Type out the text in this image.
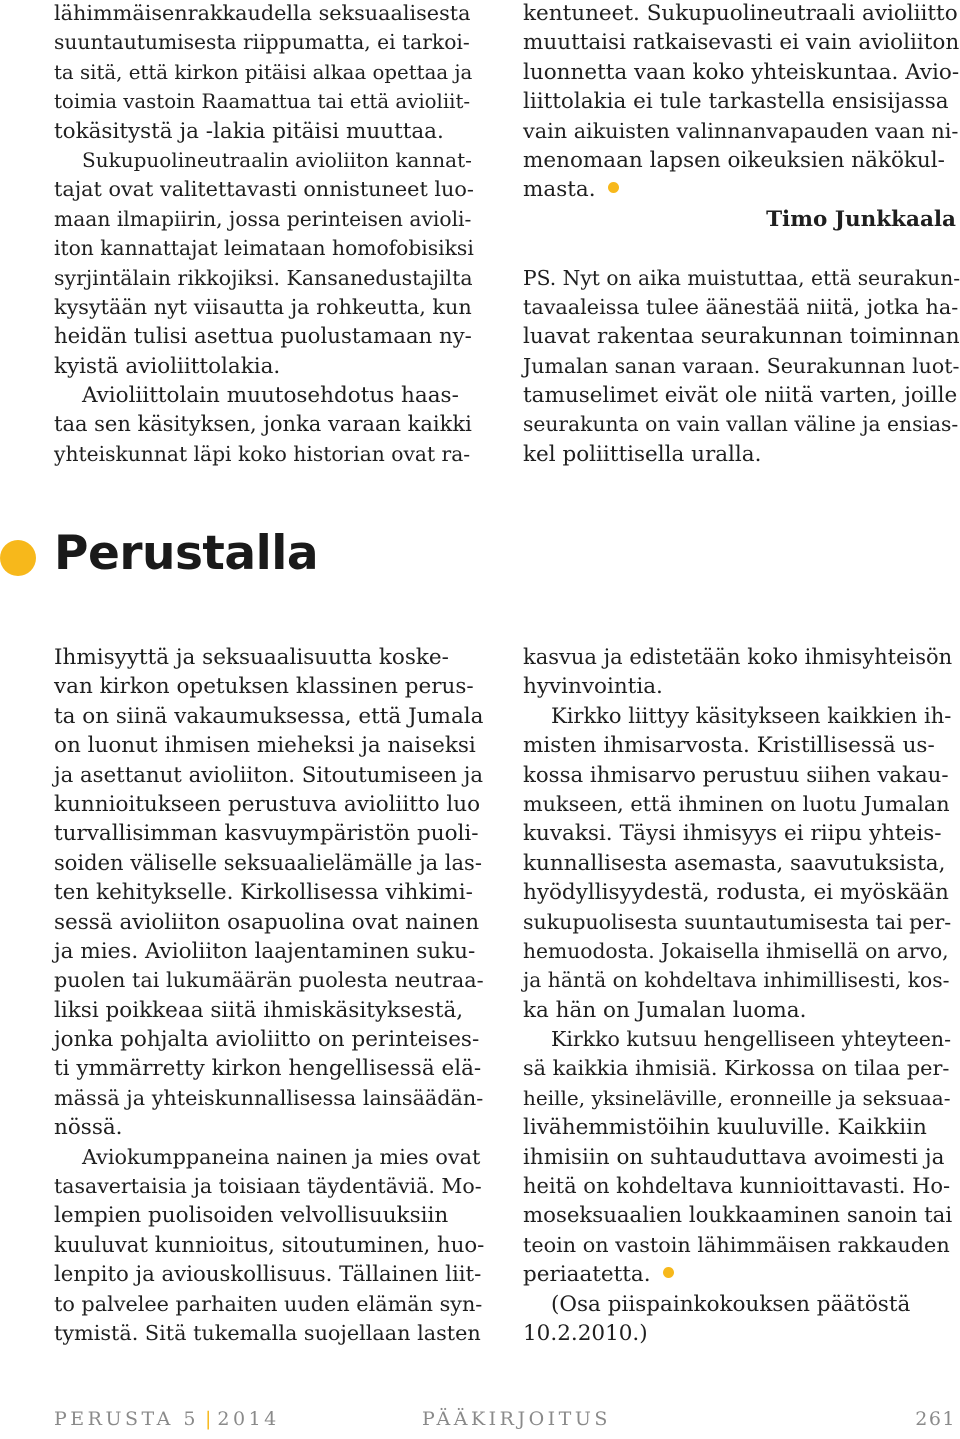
lähimmäisenrakkaudella seksuaalisesta
suuntautumisesta riippumatta, ei tarkoi-
ta sitä, että kirkon pitäisi alkaa opettaa ja
toimia vastoin Raamattua tai että avioliit-
tokäsitystä ja -lakia pitäisi muuttaa.
Sukupuolineutraalin avioliiton kannat-
tajat ovat valitettavasti onnistuneet luo-
maan ilmapiirin, jossa perinteisen avioli-
iton kannattajat leimataan homofobisiksi
syrjintälain rikkojiksi. Kansanedustajilta
kysytään nyt viisautta ja rohkeutta, kun
heidän tulisi asettua puolustamaan ny-
kyistä avioliittolakia.
Avioliittolain muutosehdotus haas-
taa sen käsityksen, jonka varaan kaikki
yhteiskunnat läpi koko historian ovat ra-
kentuneet. Sukupuolineutraali avioliitto
muuttaisi ratkaisevasti ei vain avioliiton
luonnetta vaan koko yhteiskuntaa. Avio-
liittolakia ei tule tarkastella ensisijassa
vain aikuisten valinnanvapauden vaan ni-
menomaan lapsen oikeuksien näkökul-
masta.
Timo Junkkaala
PS. Nyt on aika muistuttaa, että seurakun-
tavaaleissa tulee äänestää niitä, jotka ha-
luavat rakentaa seurakunnan toiminnan
Jumalan sanan varaan. Seurakunnan luot-
tamuselimet eivät ole niitä varten, joille
seurakunta on vain vallan väline ja ensias-
kel poliittisella uralla.
Perustalla
Ihmisyyttä ja seksuaalisuutta koske-
van kirkon opetuksen klassinen perus-
ta on siinä vakaumuksessa, että Jumala
on luonut ihmisen mieheksi ja naiseksi
ja asettanut avioliiton. Sitoutumiseen ja
kunnioitukseen perustuva avioliitto luo
turvallisimman kasvuympäristön puoli-
soiden väliselle seksuaalielämälle ja las-
ten kehitykselle. Kirkollisessa vihkimi-
sessä avioliiton osapuolina ovat nainen
ja mies. Avioliiton laajentaminen suku-
puolen tai lukumäärän puolesta neutraa-
liksi poikkeaa siitä ihmiskäsityksestä,
jonka pohjalta avioliitto on perinteises-
ti ymmärretty kirkon hengellisessä elä-
mässä ja yhteiskunnallisessa lainsäädän-
nössä.
Aviokumppaneina nainen ja mies ovat
tasavertaisia ja toisiaan täydentäviä. Mo-
lempien puolisoiden velvollisuuksiin
kuuluvat kunnioitus, sitoutuminen, huo-
lenpito ja aviouskollisuus. Tällainen liit-
to palvelee parhaiten uuden elämän syn-
tymistä. Sitä tukemalla suojellaan lasten
kasvua ja edistetään koko ihmisyhteisön
hyvinvointia.
Kirkko liittyy käsitykseen kaikkien ih-
misten ihmisarvosta. Kristillisessä us-
kossa ihmisarvo perustuu siihen vakau-
mukseen, että ihminen on luotu Jumalan
kuvaksi. Täysi ihmisyys ei riipu yhteis-
kunnallisesta asemasta, saavutuksista,
hyödyllisyydestä, rodusta, ei myöskään
sukupuolisesta suuntautumisesta tai per-
hemuodosta. Jokaisella ihmisellä on arvo,
ja häntä on kohdeltava inhimillisesti, kos-
ka hän on Jumalan luoma.
Kirkko kutsuu hengelliseen yhteyteen-
sä kaikkia ihmisiä. Kirkossa on tilaa per-
heille, yksineläville, eronneille ja seksuaa-
livähemmistöihin kuuluville. Kaikkiin
ihmisiin on suhtauduttava avoimesti ja
heitä on kohdeltava kunnioittavasti. Ho-
moseksuaalien loukkaaminen sanoin tai
teoin on vastoin lähimmäisen rakkauden
periaatetta.
(Osa piispainkokouksen päätöstä
10.2.2010.)
PERUSTA 5 | 2014	PÄÄKIRJOITUS	261
